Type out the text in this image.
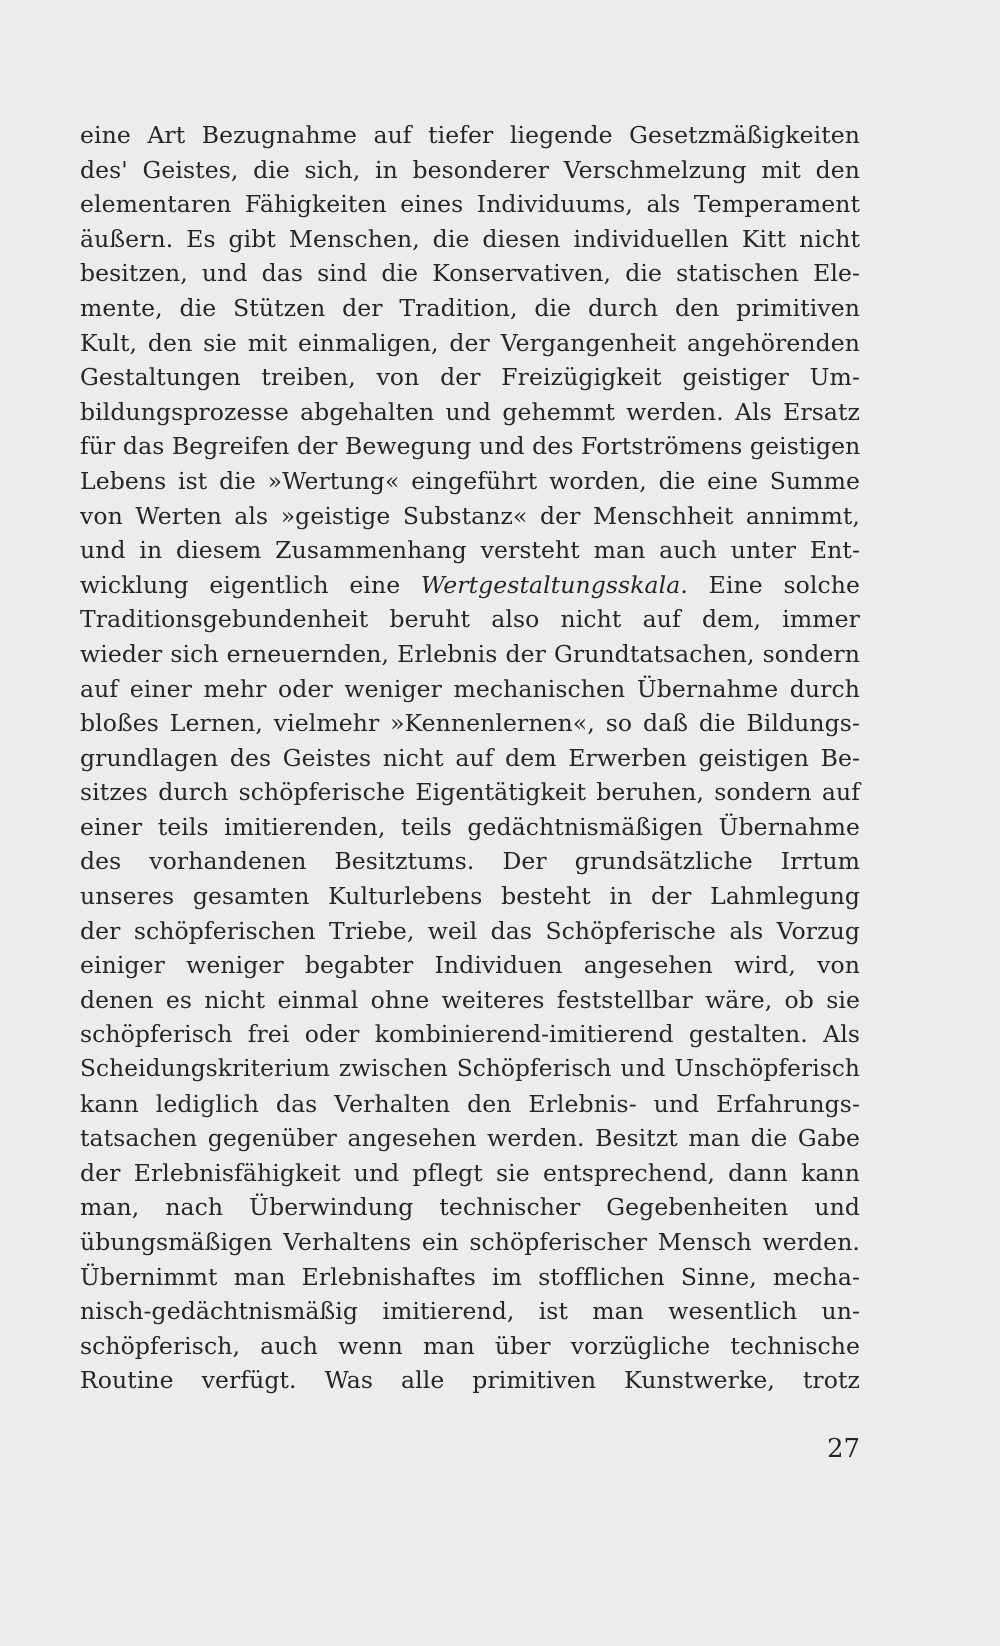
eine Art Bezugnahme auf tiefer liegende Gesetzmäßigkeiten
des' Geistes, die sich, in besonderer Verschmelzung mit den
elementaren Fähigkeiten eines Individuums, als Temperament
äußern. Es gibt Menschen, die diesen individuellen Kitt nicht
besitzen, und das sind die Konservativen, die statischen Ele-
mente, die Stützen der Tradition, die durch den primitiven
Kult, den sie mit einmaligen, der Vergangenheit angehörenden
Gestaltungen treiben, von der Freizügigkeit geistiger Um-
bildungsprozesse abgehalten und gehemmt werden. Als Ersatz
für das Begreifen der Bewegung und des Fortströmens geistigen
Lebens ist die »Wertung« eingeführt worden, die eine Summe
von Werten als »geistige Substanz« der Menschheit annimmt,
und in diesem Zusammenhang versteht man auch unter Ent-
wicklung eigentlich eine Wertgestaltungsskala. Eine solche
Traditionsgebundenheit beruht also nicht auf dem, immer
wieder sich erneuernden, Erlebnis der Grundtatsachen, sondern
auf einer mehr oder weniger mechanischen Übernahme durch
bloßes Lernen, vielmehr »Kennenlernen«, so daß die Bildungs-
grundlagen des Geistes nicht auf dem Erwerben geistigen Be-
sitzes durch schöpferische Eigentätigkeit beruhen, sondern auf
einer teils imitierenden, teils gedächtnismäßigen Übernahme
des vorhandenen Besitztums. Der grundsätzliche Irrtum
unseres gesamten Kulturlebens besteht in der Lahmlegung
der schöpferischen Triebe, weil das Schöpferische als Vorzug
einiger weniger begabter Individuen angesehen wird, von
denen es nicht einmal ohne weiteres feststellbar wäre, ob sie
schöpferisch frei oder kombinierend-imitierend gestalten. Als
Scheidungskriterium zwischen Schöpferisch und Unschöpferisch
kann lediglich das Verhalten den Erlebnis- und Erfahrungs-
tatsachen gegenüber angesehen werden. Besitzt man die Gabe
der Erlebnisfähigkeit und pflegt sie entsprechend, dann kann
man, nach Überwindung technischer Gegebenheiten und
übungsmäßigen Verhaltens ein schöpferischer Mensch werden.
Übernimmt man Erlebnishaftes im stofflichen Sinne, mecha-
nisch-gedächtnismäßig imitierend, ist man wesentlich un-
schöpferisch, auch wenn man über vorzügliche technische
Routine verfügt. Was alle primitiven Kunstwerke, trotz
27
